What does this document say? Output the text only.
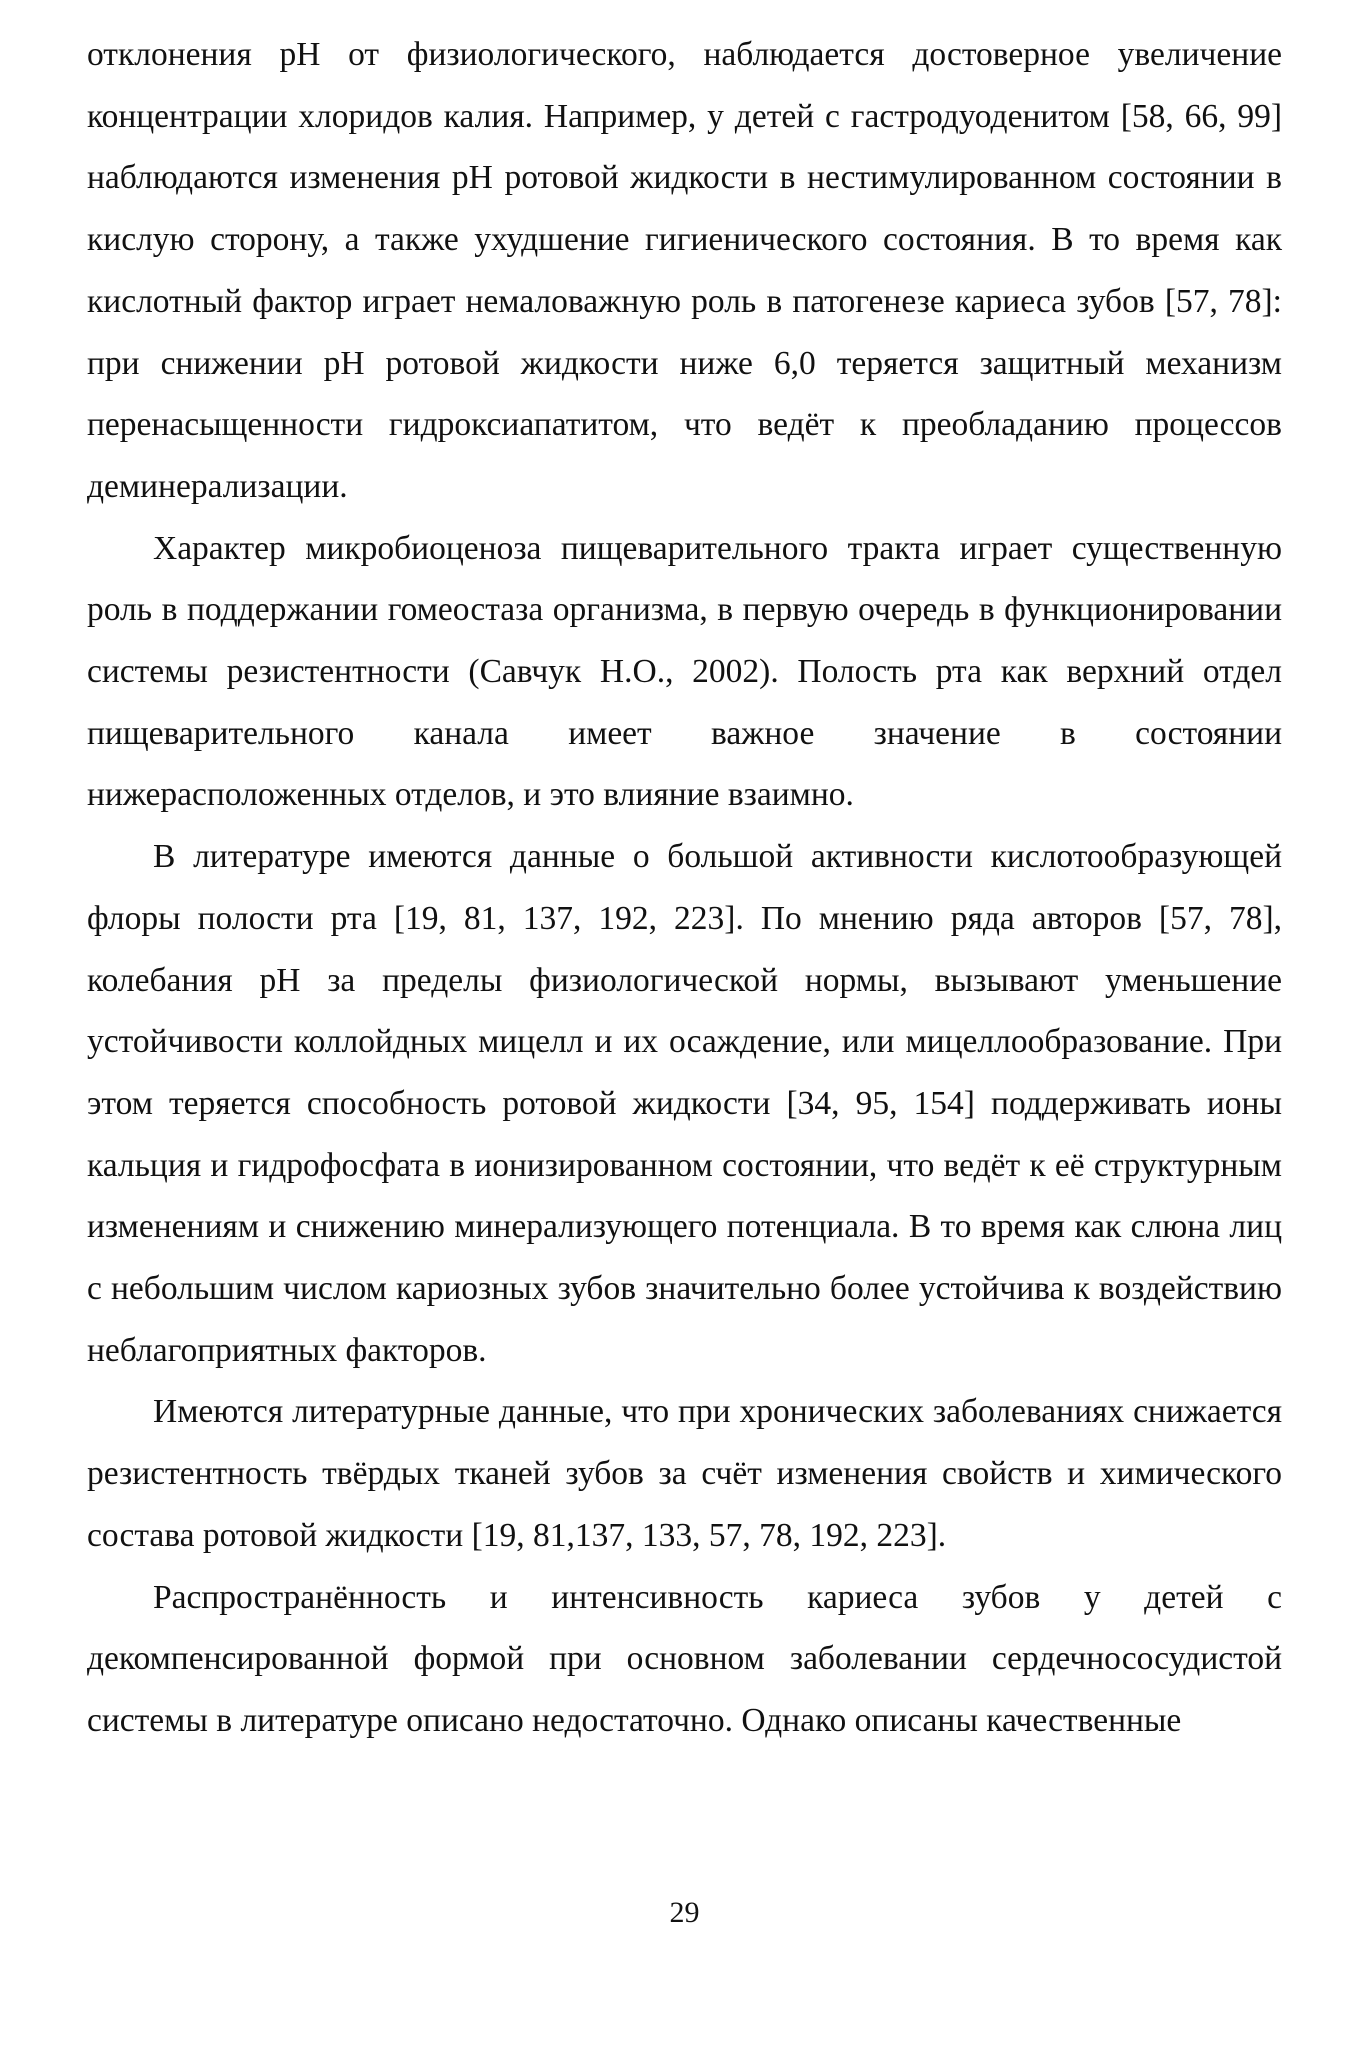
отклонения pH от физиологического, наблюдается достоверное увеличение концентрации хлоридов калия. Например, у детей с гастродуоденитом [58, 66, 99] наблюдаются изменения pH ротовой жидкости в нестимулированном состоянии в кислую сторону, а также ухудшение гигиенического состояния. В то время как кислотный фактор играет немаловажную роль в патогенезе кариеса зубов [57, 78]: при снижении pH ротовой жидкости ниже 6,0 теряется защитный механизм перенасыщенности гидроксиапатитом, что ведёт к преобладанию процессов деминерализации.

Характер микробиоценоза пищеварительного тракта играет существенную роль в поддержании гомеостаза организма, в первую очередь в функционировании системы резистентности (Савчук Н.О., 2002). Полость рта как верхний отдел пищеварительного канала имеет важное значение в состоянии нижерасположенных отделов, и это влияние взаимно.

В литературе имеются данные о большой активности кислотообразующей флоры полости рта [19, 81, 137, 192, 223]. По мнению ряда авторов [57, 78], колебания pH за пределы физиологической нормы, вызывают уменьшение устойчивости коллойдных мицелл и их осаждение, или мицеллообразование. При этом теряется способность ротовой жидкости [34, 95, 154] поддерживать ионы кальция и гидрофосфата в ионизированном состоянии, что ведёт к её структурным изменениям и снижению минерализующего потенциала. В то время как слюна лиц с небольшим числом кариозных зубов значительно более устойчива к воздействию неблагоприятных факторов.

Имеются литературные данные, что при хронических заболеваниях снижается резистентность твёрдых тканей зубов за счёт изменения свойств и химического состава ротовой жидкости [19, 81,137, 133, 57, 78, 192, 223].

Распространённость и интенсивность кариеса зубов у детей с декомпенсированной формой при основном заболевании сердечнососудистой системы в литературе описано недостаточно. Однако описаны качественные

29
